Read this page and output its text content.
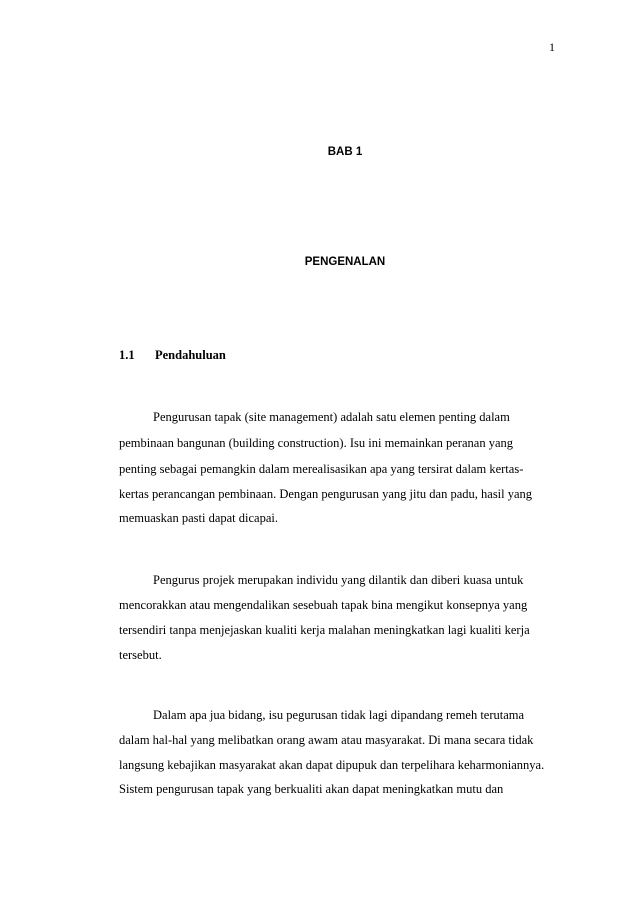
1
BAB 1
PENGENALAN
1.1 Pendahuluan
Pengurusan tapak (site management) adalah satu elemen penting dalam
pembinaan bangunan (building construction). Isu ini memainkan peranan yang
penting sebagai pemangkin dalam merealisasikan apa yang tersirat dalam kertas-
kertas perancangan pembinaan. Dengan pengurusan yang jitu dan padu, hasil yang
memuaskan pasti dapat dicapai.
Pengurus projek merupakan individu yang dilantik dan diberi kuasa untuk
mencorakkan atau mengendalikan sesebuah tapak bina mengikut konsepnya yang
tersendiri tanpa menjejaskan kualiti kerja malahan meningkatkan lagi kualiti kerja
tersebut.
Dalam apa jua bidang, isu pegurusan tidak lagi dipandang remeh terutama
dalam hal-hal yang melibatkan orang awam atau masyarakat. Di mana secara tidak
langsung kebajikan masyarakat akan dapat dipupuk dan terpelihara keharmoniannya.
Sistem pengurusan tapak yang berkualiti akan dapat meningkatkan mutu dan
